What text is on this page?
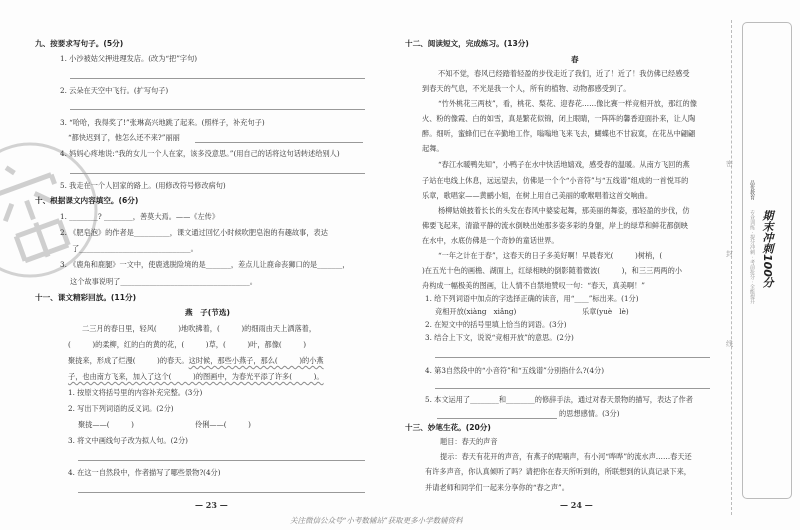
九、按要求写句子。(5分)
1. 小沙被姑父押进理发店。(改为“把”字句)
2. 云朵在天空中飞行。(扩写句子)
3. “哈哈，我得奖了!”张琳高兴地跳了起来。(照样子，补充句子)
“都快迟到了，他怎么还不来?”丽丽
4. 妈妈心疼地说:“我的女儿一个人在家，该多没意思。”(用自己的话将这句话转述给别人)
5. 我走在一个人回家的路上。(用修改符号修改病句)
十、根据课文内容填空。(6分)
1. ________? ________，善莫大焉。——《左传》
2. 《肥皂泡》的作者是__________，课文通过回忆小时候吹肥皂泡的有趣故事，表达
了_______________________________。
3. 《鹿角和鹿腿》一文中，使鹿逃脱险境的是_______，差点儿让鹿命丧狮口的是_______，
这个故事说明了____________________________________。
十一、课文精彩回放。(11分)
燕　子(节选)
二三月的春日里，轻风(　　　)地吹拂着，(　　　)的细雨由天上洒落着，
(　　　)的柔柳，红的白的黄的花，(　　　)草，(　　　)叶，都像(　　　)
聚拢来，形成了烂漫(　　　)的春天。这时候，那些小燕子，那么(　　　)的小燕
子，也由南方飞来，加入了这个(　　　)的图画中，为春光平添了许多(　　　)。
1. 按原文将括号里的内容补充完整。(3分)
2. 写出下列词语的反义词。(2分)
聚拢——(　　　)	伶俐——(　　　)
3. 将文中画线句子改为拟人句。(2分)
4. 在这一自然段中，作者描写了哪些景物?(4分)
— 23 —
十二、阅读短文，完成练习。(13分)
春
不知不觉，春风已经踏着轻盈的步伐走近了我们，近了！近了！我仿佛已经感受
到春天的气息，不光是我一个人，所有的植物、动物都感受到了。
“竹外桃花三两枝”，看，桃花、梨花、迎春花……像比赛一样竞相开放，那红的像
火、粉的像霞、白的如雪，真是繁花似锦，闭上眼睛，一阵阵的馨香迎面扑来，让人陶
醉。细听，蜜蜂们已在辛勤地工作，嗡嗡地飞来飞去，蝴蝶也不甘寂寞，在花丛中翩翩
起舞。
“春江水暖鸭先知”，小鸭子在水中快活地嬉戏，感受春的温暖。从南方飞回的燕
子站在电线上休息，远远望去，仿佛是一个个“小音符”与“五线谱”组成的一首悦耳的
乐章，歌唱家——黄鹂小姐，在树上用自己美丽的歌喉唱着这首交响曲。
杨柳姑娘披着长长的头发在春风中婆娑起舞，那美丽的舞姿，那轻盈的步伐，仿
佛要飞起来，清澈平静的流水倒映出她那多姿多彩的身躯，岸上的绿草和鲜花都倒映
在水中，水底仿佛是一个奇妙的童话世界。
“一年之计在于春”，这春天的日子多美好啊！早晨春光(　　　)树梢，(
)在五光十色的画檐、湖面上，红绿相映的倒影随着微波(　　　)，和三三两两的小
舟构成一幅极美的图画，让人情不自禁地赞叹一句：“春天，真美啊！”
1. 给下列词语中加点的字选择正确的读音，用“____”标出来。(1分)
竞相开放(xiàng　xiǎng)	乐章(yuè　lè)
2. 在短文中的括号里填上恰当的词语。(3分)
3. 结合上下文，说说“竞相开放”的意思。(2分)
4. 第3自然段中的“小音符”和“五线谱”分别指什么?(4分)
5. 本文运用了________和________的修辞手法，通过对春天景物的描写，表达了作者
的思想感情。(3分)
十三、妙笔生花。(20分)
题目：春天的声音
提示：春天有花开的声音，有燕子的呢喃声，有小河“哗哗”的流水声……春天还
有许多声音，你认真倾听了吗？请把你在春天所听到的，所联想到的认真记录下来，
并请老师和同学们一起来分享你的“春之声”。
— 24 —
密
封
线
品优教育
期末冲刺100分
专业训练 · 提分冲刺 · 考前抢分 · 全能提升
关注微信公众号“小考数辅站”获取更多小学数辅资料
